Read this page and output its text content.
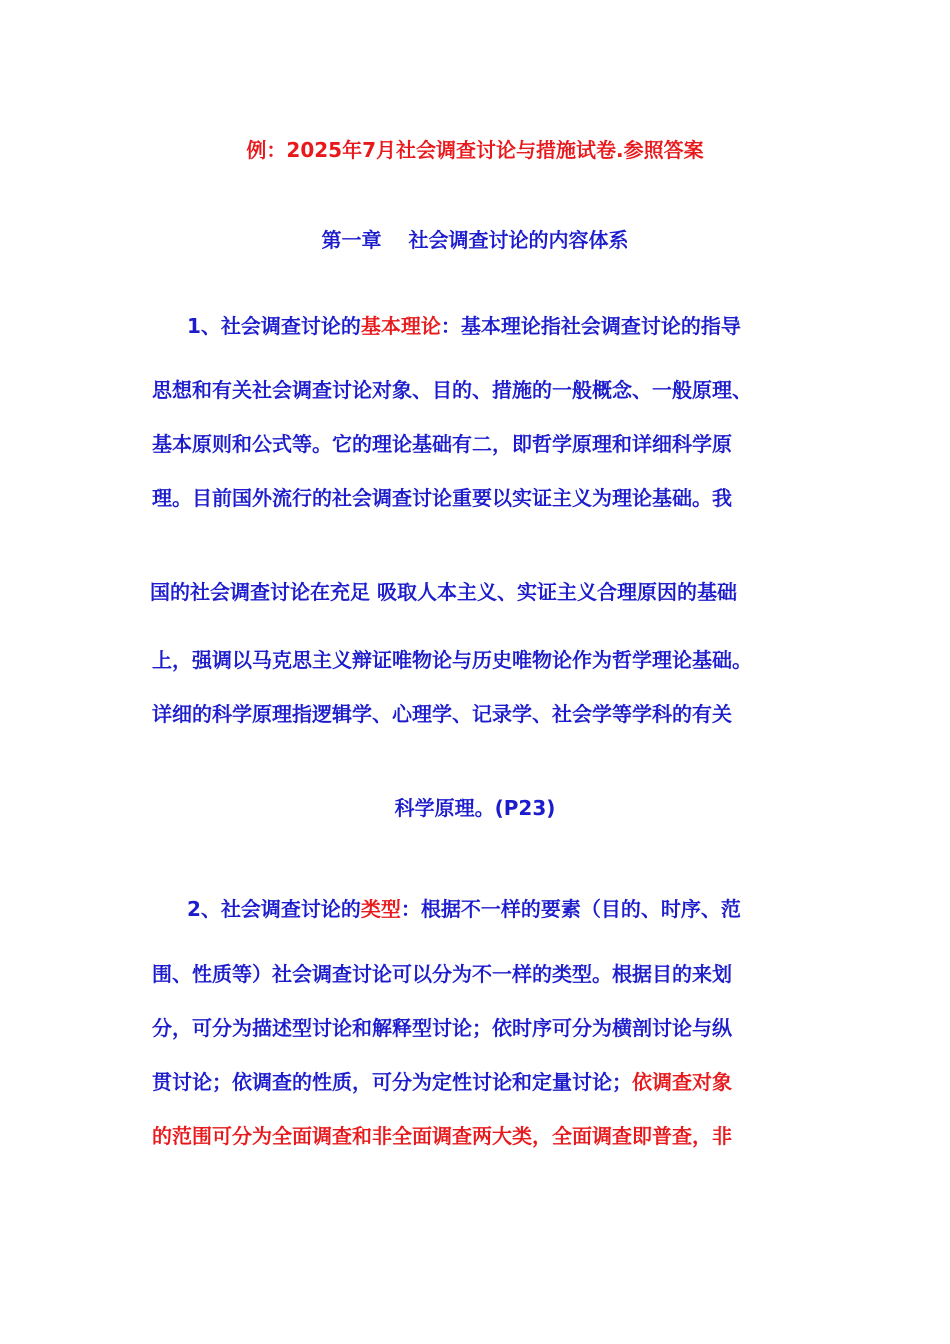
例：2025年7月社会调查讨论与措施试卷.参照答案
第一章　 社会调查讨论的内容体系
1、社会调查讨论的基本理论：基本理论指社会调查讨论的指导
思想和有关社会调查讨论对象、目的、措施的一般概念、一般原理、
基本原则和公式等。它的理论基础有二，即哲学原理和详细科学原
理。目前国外流行的社会调查讨论重要以实证主义为理论基础。我
国的社会调查讨论在充足 吸取人本主义、实证主义合理原因的基础
上，强调以马克思主义辩证唯物论与历史唯物论作为哲学理论基础。
详细的科学原理指逻辑学、心理学、记录学、社会学等学科的有关
科学原理。(P23)
2、社会调查讨论的类型：根据不一样的要素（目的、时序、范
围、性质等）社会调查讨论可以分为不一样的类型。根据目的来划
分，可分为描述型讨论和解释型讨论；依时序可分为横剖讨论与纵
贯讨论；依调查的性质，可分为定性讨论和定量讨论；依调查对象
的范围可分为全面调查和非全面调查两大类，全面调查即普查，非
